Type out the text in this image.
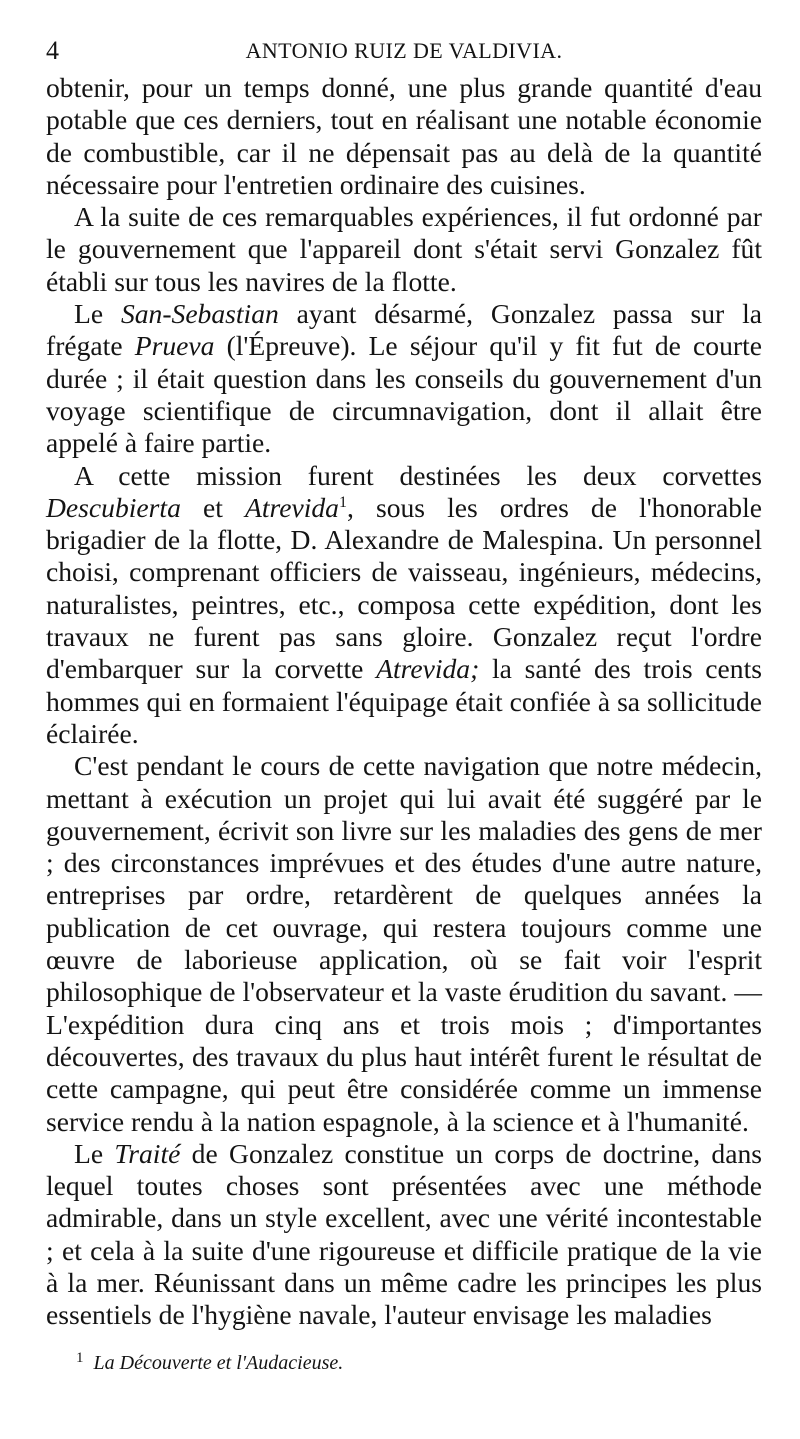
4	ANTONIO RUIZ DE VALDIVIA.

obtenir, pour un temps donné, une plus grande quantité d'eau potable que ces derniers, tout en réalisant une notable économie de combustible, car il ne dépensait pas au delà de la quantité nécessaire pour l'entretien ordinaire des cuisines.

A la suite de ces remarquables expériences, il fut ordonné par le gouvernement que l'appareil dont s'était servi Gonzalez fût établi sur tous les navires de la flotte.

Le San-Sebastian ayant désarmé, Gonzalez passa sur la frégate Prueva (l'Épreuve). Le séjour qu'il y fit fut de courte durée ; il était question dans les conseils du gouvernement d'un voyage scientifique de circumnavigation, dont il allait être appelé à faire partie.

A cette mission furent destinées les deux corvettes Descubierta et Atrevida$^1$, sous les ordres de l'honorable brigadier de la flotte, D. Alexandre de Malespina. Un personnel choisi, comprenant officiers de vaisseau, ingénieurs, médecins, naturalistes, peintres, etc., composa cette expédition, dont les travaux ne furent pas sans gloire. Gonzalez reçut l'ordre d'embarquer sur la corvette Atrevida; la santé des trois cents hommes qui en formaient l'équipage était confiée à sa sollicitude éclairée.

C'est pendant le cours de cette navigation que notre médecin, mettant à exécution un projet qui lui avait été suggéré par le gouvernement, écrivit son livre sur les maladies des gens de mer ; des circonstances imprévues et des études d'une autre nature, entreprises par ordre, retardèrent de quelques années la publication de cet ouvrage, qui restera toujours comme une œuvre de laborieuse application, où se fait voir l'esprit philosophique de l'observateur et la vaste érudition du savant. — L'expédition dura cinq ans et trois mois ; d'importantes découvertes, des travaux du plus haut intérêt furent le résultat de cette campagne, qui peut être considérée comme un immense service rendu à la nation espagnole, à la science et à l'humanité.

Le Traité de Gonzalez constitue un corps de doctrine, dans lequel toutes choses sont présentées avec une méthode admirable, dans un style excellent, avec une vérité incontestable ; et cela à la suite d'une rigoureuse et difficile pratique de la vie à la mer. Réunissant dans un même cadre les principes les plus essentiels de l'hygiène navale, l'auteur envisage les maladies

$^1$ La Découverte et l'Audacieuse.
